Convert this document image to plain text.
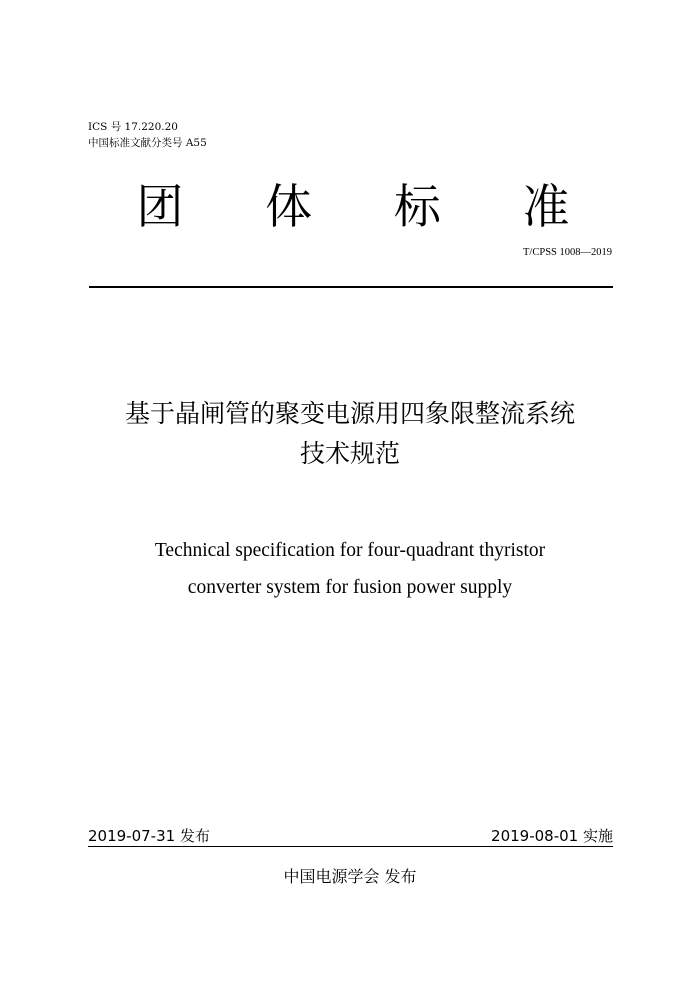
ICS 号 17.220.20
中国标准文献分类号 A55
团	体	标	准
T/CPSS 1008—2019
基于晶闸管的聚变电源用四象限整流系统
技术规范
Technical specification for four-quadrant thyristor
converter system for fusion power supply
2019-07-31 发布	2019-08-01 实施
中国电源学会 发布
